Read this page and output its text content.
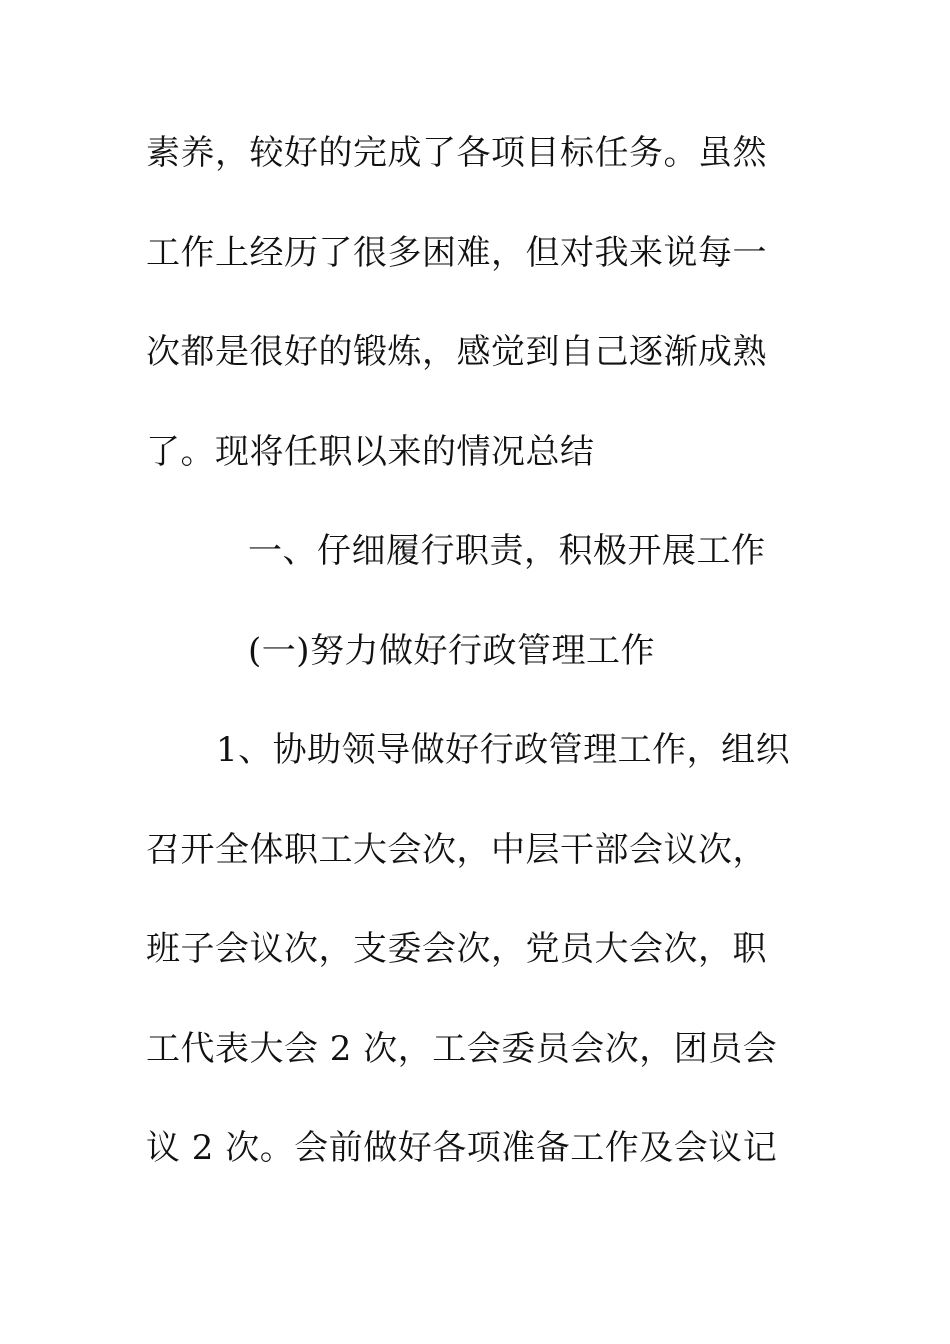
素养，较好的完成了各项目标任务。虽然
工作上经历了很多困难，但对我来说每一
次都是很好的锻炼，感觉到自己逐渐成熟
了。现将任职以来的情况总结
一、仔细履行职责，积极开展工作
(一)努力做好行政管理工作
1、协助领导做好行政管理工作，组织
召开全体职工大会次，中层干部会议次，
班子会议次，支委会次，党员大会次，职
工代表大会 2 次，工会委员会次，团员会
议 2 次。会前做好各项准备工作及会议记
